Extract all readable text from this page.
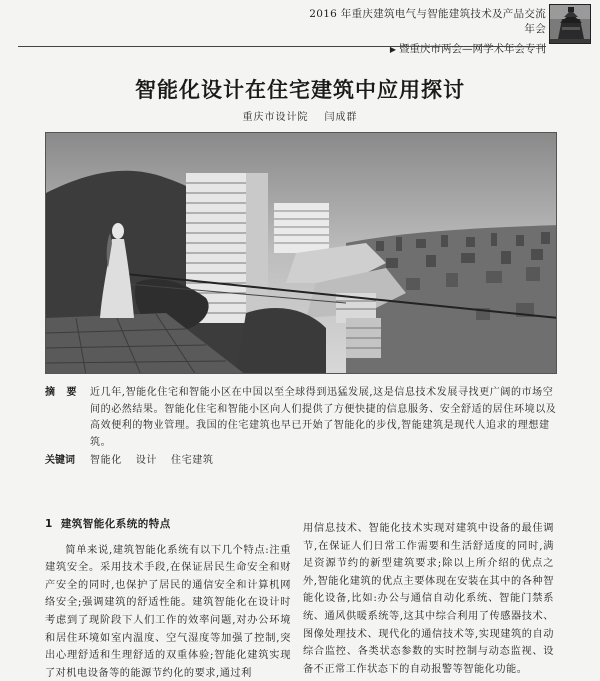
2016 年重庆建筑电气与智能建筑技术及产品交流年会
▶ 暨重庆市两会—网学术年会专刊
智能化设计在住宅建筑中应用探讨
重庆市设计院 闫成群
摘 要 近几年,智能化住宅和智能小区在中国以至全球得到迅猛发展,这是信息技术发展寻找更广阔的市场空间的必然结果。智能化住宅和智能小区向人们提供了方便快捷的信息服务、安全舒适的居住环境以及高效便利的物业管理。我国的住宅建筑也早已开始了智能化的步伐,智能建筑是现代人追求的理想建筑。
关键词	智能化 设计 住宅建筑
1 建筑智能化系统的特点

简单来说,建筑智能化系统有以下几个特点:注重建筑安全。采用技术手段,在保证居民生命安全和财产安全的同时,也保护了居民的通信安全和计算机网络安全;强调建筑的舒适性能。建筑智能化在设计时考虑到了现阶段下人们工作的效率问题,对办公环境和居住环境如室内温度、空气湿度等加强了控制,突出心理舒适和生理舒适的双重体验;智能化建筑实现了对机电设备等的能源节约化的要求,通过利

用信息技术、智能化技术实现对建筑中设备的最佳调节,在保证人们日常工作需要和生活舒适度的同时,满足资源节约的新型建筑要求;除以上所介绍的优点之外,智能化建筑的优点主要体现在安装在其中的各种智能化设备,比如:办公与通信自动化系统、智能门禁系统、通风供暖系统等,这其中综合利用了传感器技术、图像处理技术、现代化的通信技术等,实现建筑的自动综合监控、各类状态参数的实时控制与动态监视、设备不正常工作状态下的自动报警等智能化功能。
